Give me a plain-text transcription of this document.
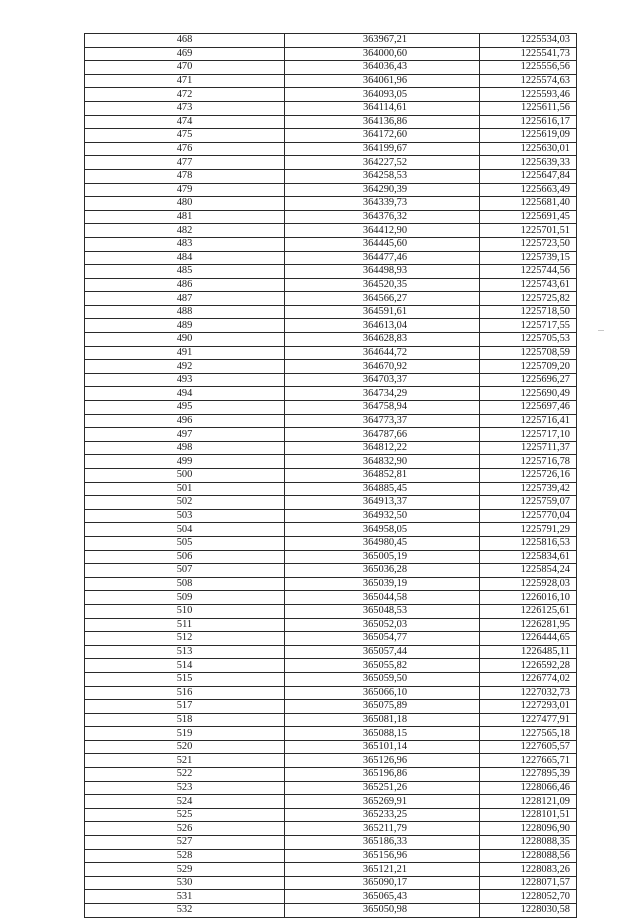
468	363967,21	1225534,03
469	364000,60	1225541,73
470	364036,43	1225556,56
471	364061,96	1225574,63
472	364093,05	1225593,46
473	364114,61	1225611,56
474	364136,86	1225616,17
475	364172,60	1225619,09
476	364199,67	1225630,01
477	364227,52	1225639,33
478	364258,53	1225647,84
479	364290,39	1225663,49
480	364339,73	1225681,40
481	364376,32	1225691,45
482	364412,90	1225701,51
483	364445,60	1225723,50
484	364477,46	1225739,15
485	364498,93	1225744,56
486	364520,35	1225743,61
487	364566,27	1225725,82
488	364591,61	1225718,50
489	364613,04	1225717,55
490	364628,83	1225705,53
491	364644,72	1225708,59
492	364670,92	1225709,20
493	364703,37	1225696,27
494	364734,29	1225690,49
495	364758,94	1225697,46
496	364773,37	1225716,41
497	364787,66	1225717,10
498	364812,22	1225711,37
499	364832,90	1225716,78
500	364852,81	1225726,16
501	364885,45	1225739,42
502	364913,37	1225759,07
503	364932,50	1225770,04
504	364958,05	1225791,29
505	364980,45	1225816,53
506	365005,19	1225834,61
507	365036,28	1225854,24
508	365039,19	1225928,03
509	365044,58	1226016,10
510	365048,53	1226125,61
511	365052,03	1226281,95
512	365054,77	1226444,65
513	365057,44	1226485,11
514	365055,82	1226592,28
515	365059,50	1226774,02
516	365066,10	1227032,73
517	365075,89	1227293,01
518	365081,18	1227477,91
519	365088,15	1227565,18
520	365101,14	1227605,57
521	365126,96	1227665,71
522	365196,86	1227895,39
523	365251,26	1228066,46
524	365269,91	1228121,09
525	365233,25	1228101,51
526	365211,79	1228096,90
527	365186,33	1228088,35
528	365156,96	1228088,56
529	365121,21	1228083,26
530	365090,17	1228071,57
531	365065,43	1228052,70
532	365050,98	1228030,58
